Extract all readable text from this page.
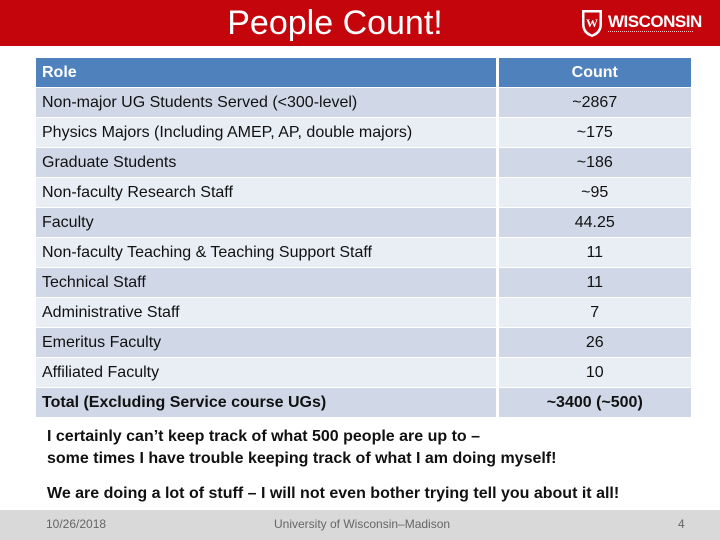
People Count!	W WISCONSIN
Role	Count
Non-major UG Students Served (<300-level)	~2867
Physics Majors (Including AMEP, AP, double majors)	~175
Graduate Students	~186
Non-faculty Research Staff	~95
Faculty	44.25
Non-faculty Teaching & Teaching Support Staff	11
Technical Staff	11
Administrative Staff	7
Emeritus Faculty	26
Affiliated Faculty	10
Total (Excluding Service course UGs)	~3400 (~500)
I certainly can’t keep track of what 500 people are up to –
some times I have trouble keeping track of what I am doing myself!
We are doing a lot of stuff – I will not even bother trying tell you about it all!
10/26/2018	University of Wisconsin–Madison	4
